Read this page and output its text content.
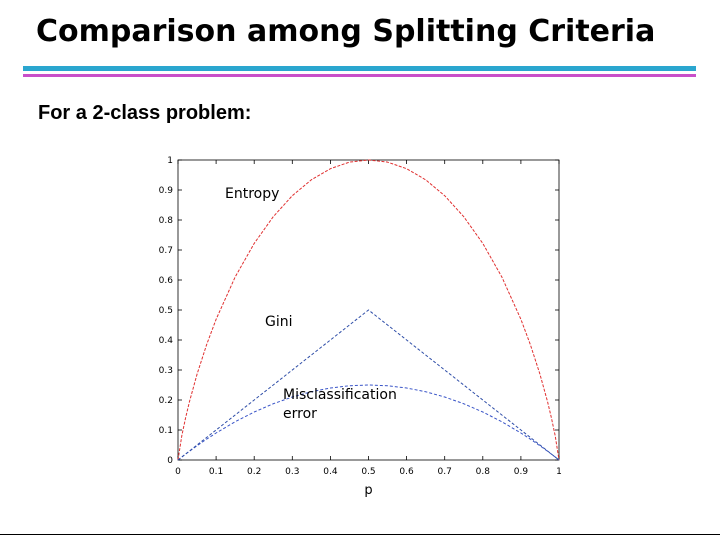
Comparison among Splitting Criteria
For a 2-class problem:
0	0.1	0.2	0.3	0.4	0.5	0.6	0.7	0.8	0.9	1
0
0.1
0.2
0.3
0.4
0.5
0.6
0.7
0.8
0.9
1
p
Entropy
Gini
Misclassification
error
